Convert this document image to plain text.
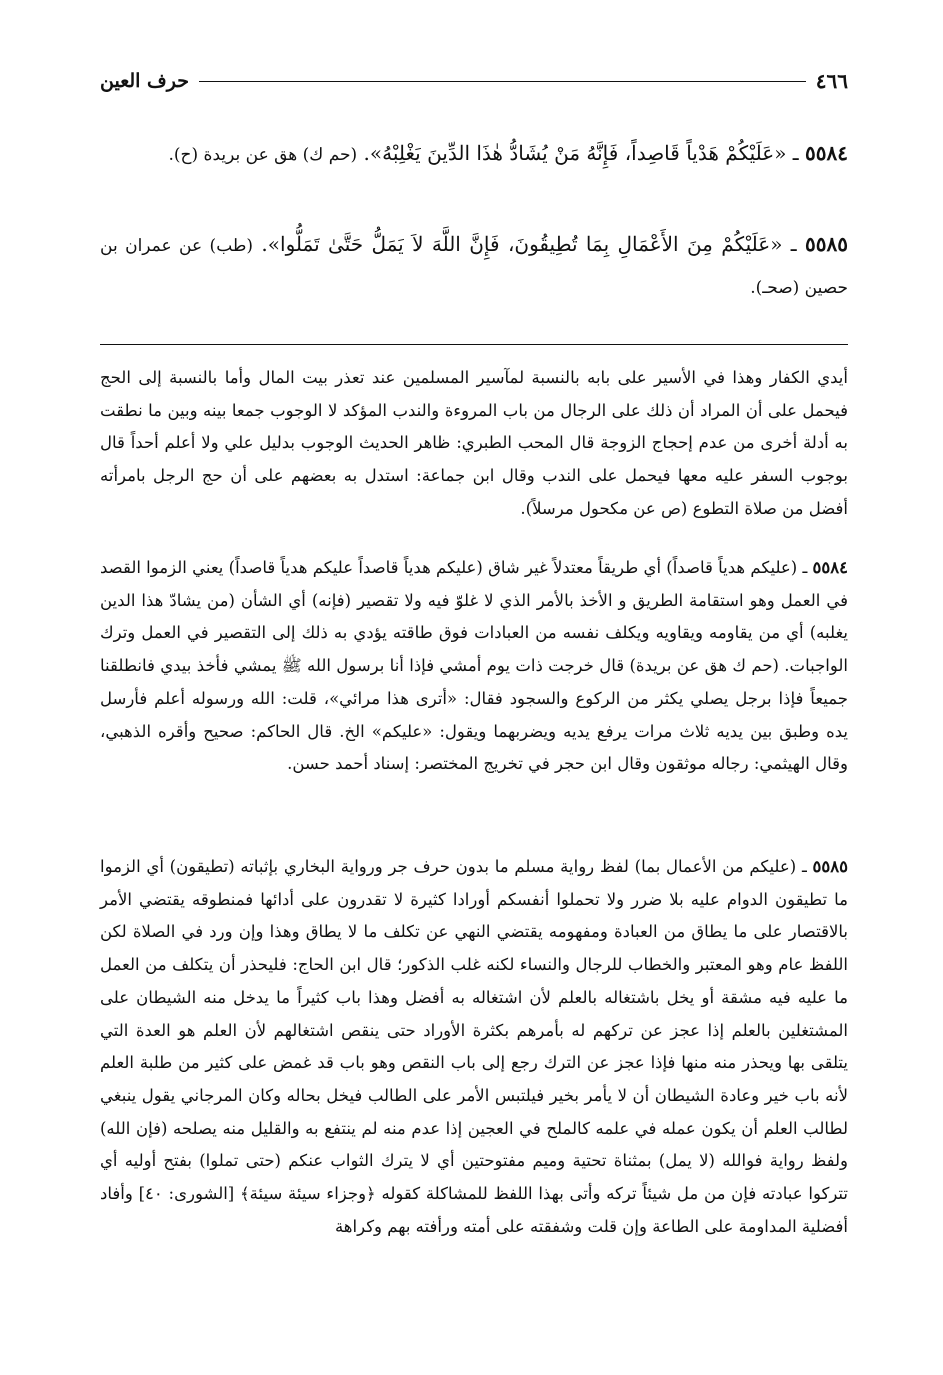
٤٦٦
حرف العين
٥٥٨٤ ـ «عَلَيْكُمْ هَدْياً قَاصِداً، فَإِنَّهُ مَنْ يُشَادُّ هٰذَا الدِّينَ يَغْلِبْهُ». (حم ك) هق عن بريدة (ح).
٥٥٨٥ ـ «عَلَيْكُمْ مِنَ الأَعْمَالِ بِمَا تُطِيقُونَ، فَإِنَّ اللَّهَ لاَ يَمَلُّ حَتَّىٰ تَمَلُّوا». (طب) عن عمران بن حصين (صحـ).
أيدي الكفار وهذا في الأسير على بابه بالنسبة لمآسير المسلمين عند تعذر بيت المال وأما بالنسبة إلى الحج فيحمل على أن المراد أن ذلك على الرجال من باب المروءة والندب المؤكد لا الوجوب جمعا بينه وبين ما نطقت به أدلة أخرى من عدم إحجاج الزوجة قال المحب الطبري: ظاهر الحديث الوجوب بدليل علي ولا أعلم أحداً قال بوجوب السفر عليه معها فيحمل على الندب وقال ابن جماعة: استدل به بعضهم على أن حج الرجل بامرأته أفضل من صلاة التطوع (ص عن مكحول مرسلاً).
٥٥٨٤ ـ (عليكم هدياً قاصداً) أي طريقاً معتدلاً غير شاق (عليكم هدياً قاصداً عليكم هدياً قاصداً) يعني الزموا القصد في العمل وهو استقامة الطريق و الأخذ بالأمر الذي لا غلوّ فيه ولا تقصير (فإنه) أي الشأن (من يشادّ هذا الدين يغلبه) أي من يقاومه ويقاويه ويكلف نفسه من العبادات فوق طاقته يؤدي به ذلك إلى التقصير في العمل وترك الواجبات. (حم ك هق عن بريدة) قال خرجت ذات يوم أمشي فإذا أنا برسول الله ﷺ يمشي فأخذ بيدي فانطلقنا جميعاً فإذا برجل يصلي يكثر من الركوع والسجود فقال: «أترى هذا مرائي»، قلت: الله ورسوله أعلم فأرسل يده وطبق بين يديه ثلاث مرات يرفع يديه ويضربهما ويقول: «عليكم» الخ. قال الحاكم: صحيح وأقره الذهبي، وقال الهيثمي: رجاله موثقون وقال ابن حجر في تخريج المختصر: إسناد أحمد حسن.
٥٥٨٥ ـ (عليكم من الأعمال بما) لفظ رواية مسلم ما بدون حرف جر ورواية البخاري بإثباته (تطيقون) أي الزموا ما تطيقون الدوام عليه بلا ضرر ولا تحملوا أنفسكم أورادا كثيرة لا تقدرون على أدائها فمنطوقه يقتضي الأمر بالاقتصار على ما يطاق من العبادة ومفهومه يقتضي النهي عن تكلف ما لا يطاق وهذا وإن ورد في الصلاة لكن اللفظ عام وهو المعتبر والخطاب للرجال والنساء لكنه غلب الذكور؛ قال ابن الحاج: فليحذر أن يتكلف من العمل ما عليه فيه مشقة أو يخل باشتغاله بالعلم لأن اشتغاله به أفضل وهذا باب كثيراً ما يدخل منه الشيطان على المشتغلين بالعلم إذا عجز عن تركهم له بأمرهم بكثرة الأوراد حتى ينقص اشتغالهم لأن العلم هو العدة التي يتلقى بها ويحذر منه منها فإذا عجز عن الترك رجع إلى باب النقص وهو باب قد غمض على كثير من طلبة العلم لأنه باب خير وعادة الشيطان أن لا يأمر بخير فيلتبس الأمر على الطالب فيخل بحاله وكان المرجاني يقول ينبغي لطالب العلم أن يكون عمله في علمه كالملح في العجين إذا عدم منه لم ينتفع به والقليل منه يصلحه (فإن الله) ولفظ رواية فوالله (لا يمل) بمثناة تحتية وميم مفتوحتين أي لا يترك الثواب عنكم (حتى تملوا) بفتح أوليه أي تتركوا عبادته فإن من مل شيئاً تركه وأتى بهذا اللفظ للمشاكلة كقوله ﴿وجزاء سيئة سيئة﴾ [الشورى: ٤٠] وأفاد أفضلية المداومة على الطاعة وإن قلت وشفقته على أمته ورأفته بهم وكراهة
